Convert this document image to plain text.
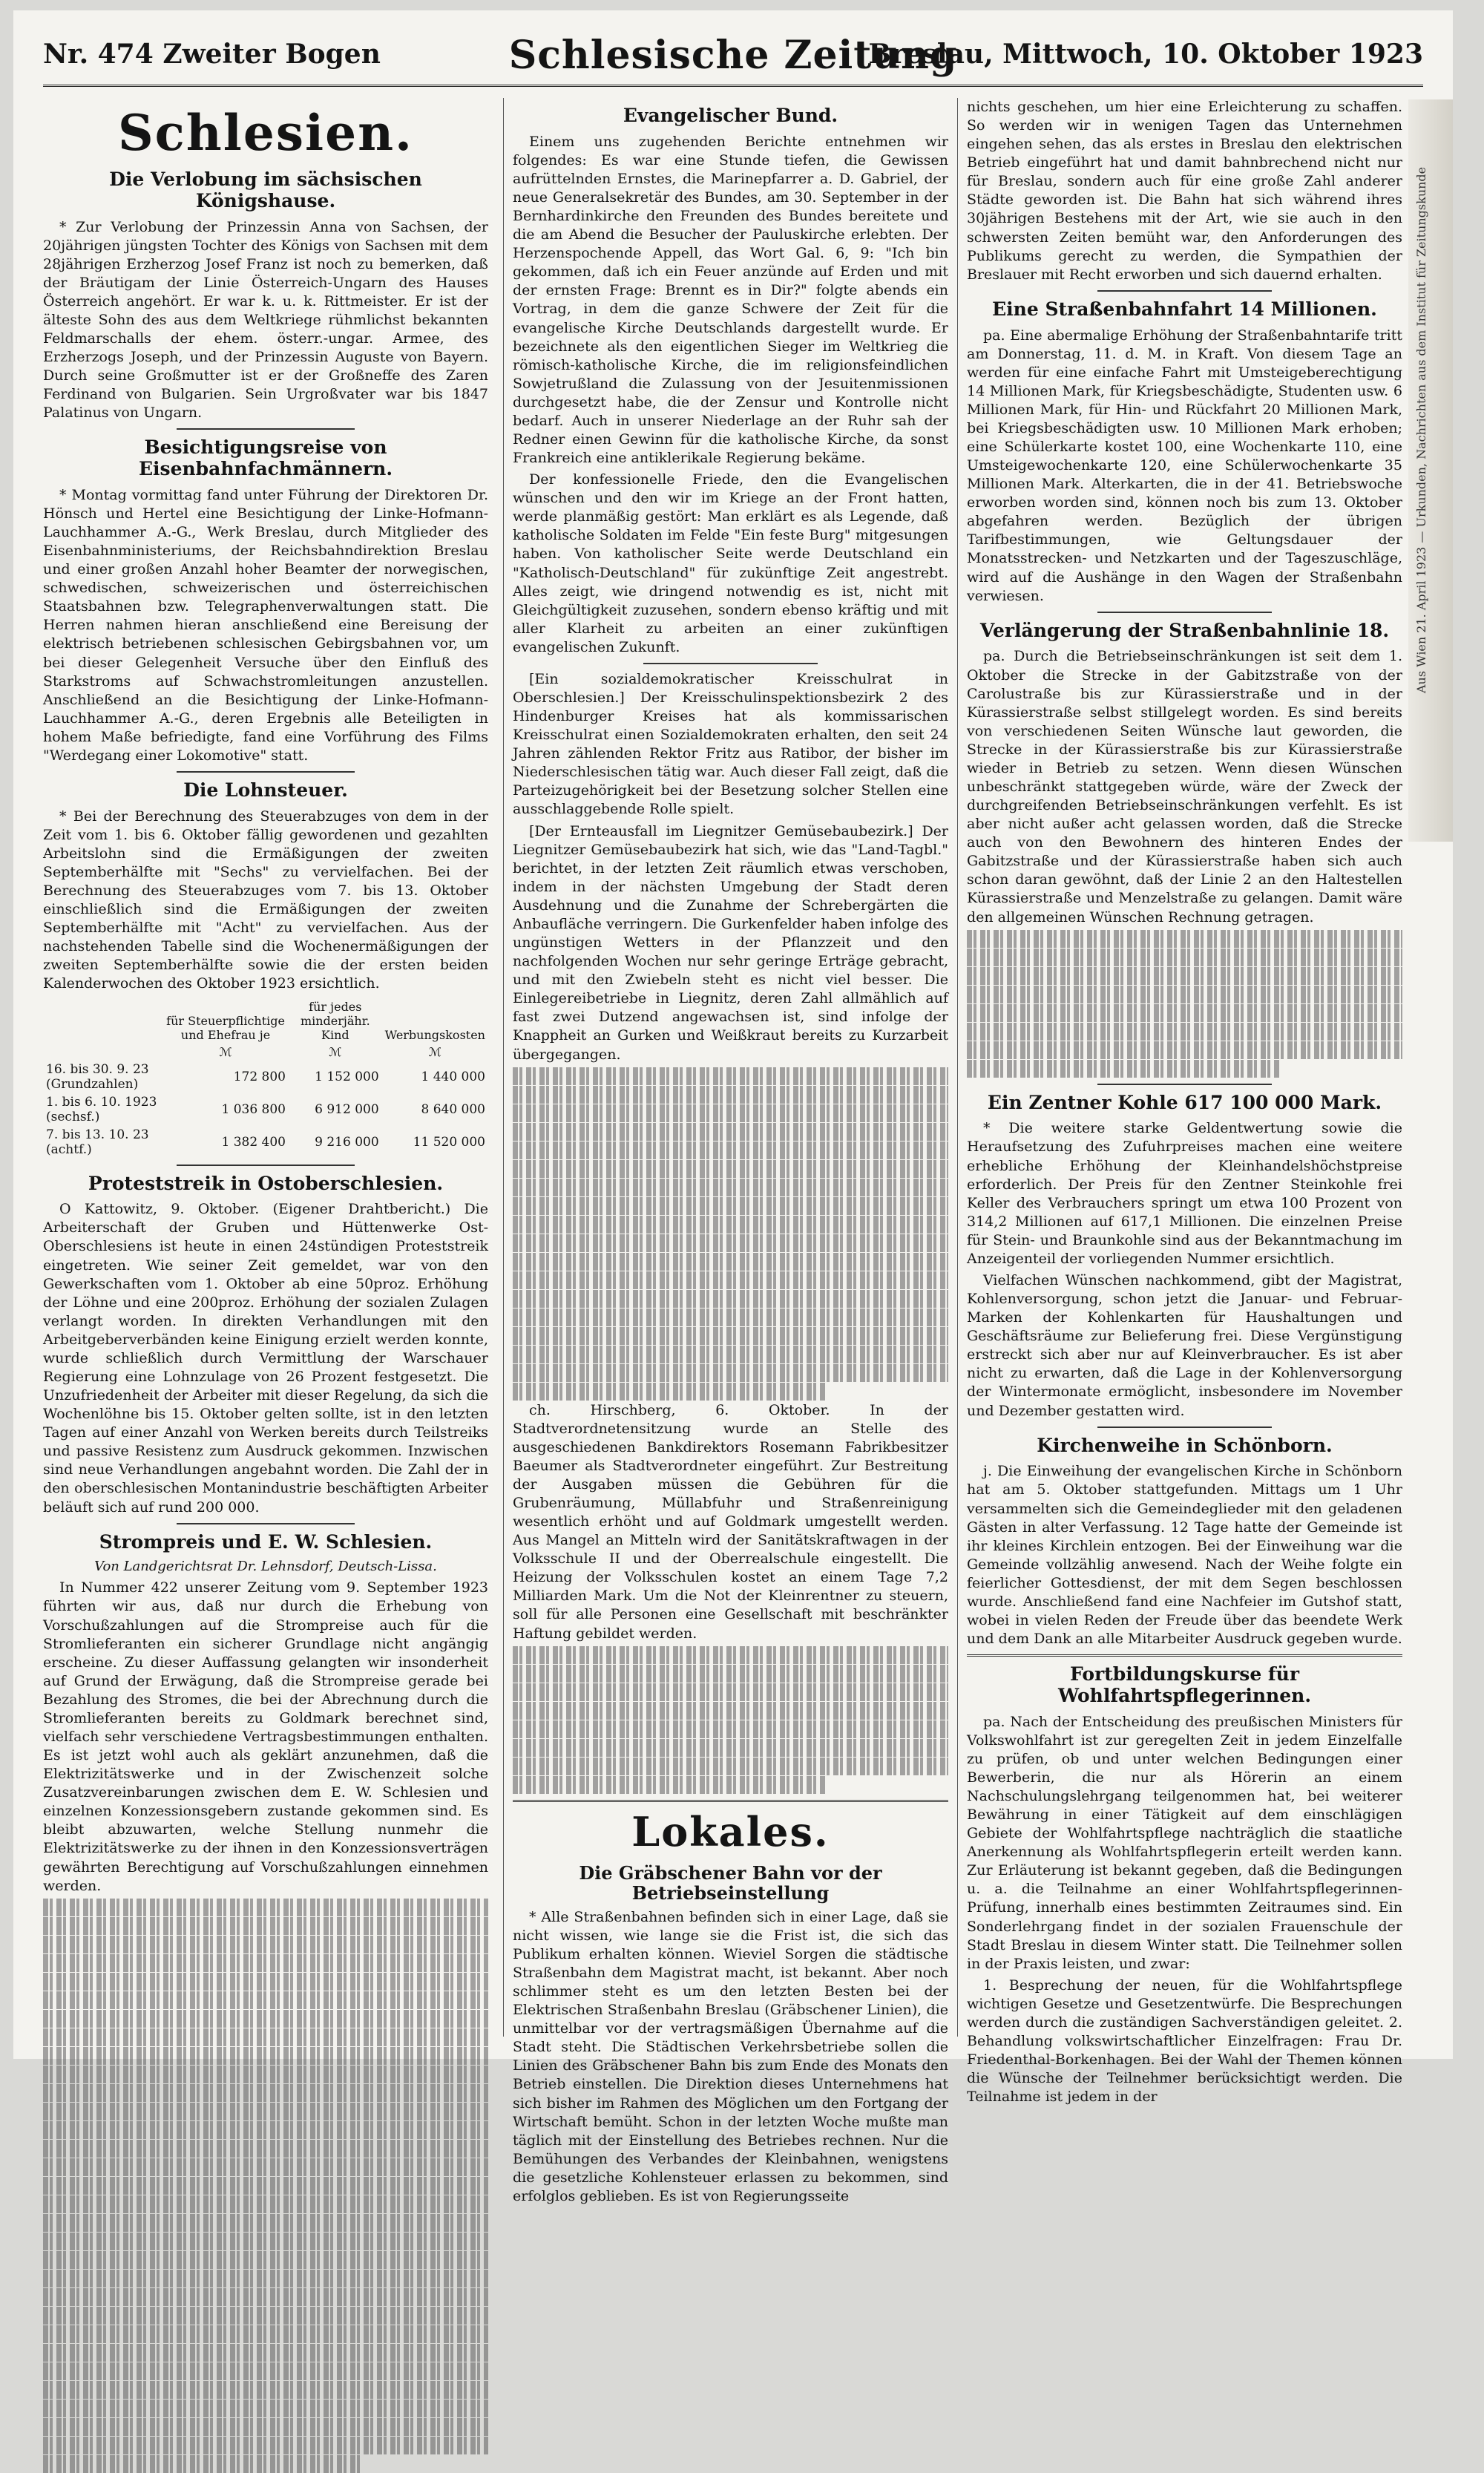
Nr. 474 Zweiter Bogen	Schlesische Zeitung
Breslau, Mittwoch, 10. Oktober 1923
Schlesien.
Die Verlobung im sächsischen Königshause.

* Zur Verlobung der Prinzessin Anna von Sachsen, der 20jährigen jüngsten Tochter des Königs von Sachsen mit dem 28jährigen Erzherzog Josef Franz ist noch zu bemerken, daß der Bräutigam der Linie Österreich-Ungarn des Hauses Österreich angehört. Er war k. u. k. Rittmeister. Er ist der älteste Sohn des aus dem Weltkriege rühmlichst bekannten Feldmarschalls der ehem. österr.-ungar. Armee, des Erzherzogs Joseph, und der Prinzessin Auguste von Bayern. Durch seine Großmutter ist er der Großneffe des Zaren Ferdinand von Bulgarien. Sein Urgroßvater war bis 1847 Palatinus von Ungarn.

Besichtigungsreise von Eisenbahnfachmännern.

* Montag vormittag fand unter Führung der Direktoren Dr. Hönsch und Hertel eine Besichtigung der Linke-Hofmann-Lauchhammer A.-G., Werk Breslau, durch Mitglieder des Eisenbahnministeriums, der Reichsbahndirektion Breslau und einer großen Anzahl hoher Beamter der norwegischen, schwedischen, schweizerischen und österreichischen Staatsbahnen bzw. Telegraphenverwaltungen statt. Die Herren nahmen hieran anschließend eine Bereisung der elektrisch betriebenen schlesischen Gebirgsbahnen vor, um bei dieser Gelegenheit Versuche über den Einfluß des Starkstroms auf Schwachstromleitungen anzustellen. Anschließend an die Besichtigung der Linke-Hofmann-Lauchhammer A.-G., deren Ergebnis alle Beteiligten in hohem Maße befriedigte, fand eine Vorführung des Films "Werdegang einer Lokomotive" statt.

Die Lohnsteuer.

* Bei der Berechnung des Steuerabzuges von dem in der Zeit vom 1. bis 6. Oktober fällig gewordenen und gezahlten Arbeitslohn sind die Ermäßigungen der zweiten Septemberhälfte mit "Sechs" zu vervielfachen. Bei der Berechnung des Steuerabzuges vom 7. bis 13. Oktober einschließlich sind die Ermäßigungen der zweiten Septemberhälfte mit "Acht" zu vervielfachen. Aus der nachstehenden Tabelle sind die Wochenermäßigungen der zweiten Septemberhälfte sowie die der ersten beiden Kalenderwochen des Oktober 1923 ersichtlich.

	für Steuerpflichtige und Ehefrau je	für jedes minderjähr. Kind	Werbungskosten
	ℳ	ℳ	ℳ
16. bis 30. 9. 23 (Grundzahlen)	172 800	1 152 000	1 440 000
1. bis 6. 10. 1923 (sechsf.)	1 036 800	6 912 000	8 640 000
7. bis 13. 10. 23 (achtf.)	1 382 400	9 216 000	11 520 000
Proteststreik in Ostoberschlesien.

O Kattowitz, 9. Oktober. (Eigener Drahtbericht.) Die Arbeiterschaft der Gruben und Hüttenwerke Ost-Oberschlesiens ist heute in einen 24stündigen Proteststreik eingetreten. Wie seiner Zeit gemeldet, war von den Gewerkschaften vom 1. Oktober ab eine 50proz. Erhöhung der Löhne und eine 200proz. Erhöhung der sozialen Zulagen verlangt worden. In direkten Verhandlungen mit den Arbeitgeberverbänden keine Einigung erzielt werden konnte, wurde schließlich durch Vermittlung der Warschauer Regierung eine Lohnzulage von 26 Prozent festgesetzt. Die Unzufriedenheit der Arbeiter mit dieser Regelung, da sich die Wochenlöhne bis 15. Oktober gelten sollte, ist in den letzten Tagen auf einer Anzahl von Werken bereits durch Teilstreiks und passive Resistenz zum Ausdruck gekommen. Inzwischen sind neue Verhandlungen angebahnt worden. Die Zahl der in den oberschlesischen Montanindustrie beschäftigten Arbeiter beläuft sich auf rund 200 000.

Strompreis und E. W. Schlesien.
Von Landgerichtsrat Dr. Lehnsdorf, Deutsch-Lissa.

In Nummer 422 unserer Zeitung vom 9. September 1923 führten wir aus, daß nur durch die Erhebung von Vorschußzahlungen auf die Strompreise auch für die Stromlieferanten ein sicherer Grundlage nicht angängig erscheine. Zu dieser Auffassung gelangten wir insonderheit auf Grund der Erwägung, daß die Strompreise gerade bei Bezahlung des Stromes, die bei der Abrechnung durch die Stromlieferanten bereits zu Goldmark berechnet sind, vielfach sehr verschiedene Vertragsbestimmungen enthalten. Es ist jetzt wohl auch als geklärt anzunehmen, daß die Elektrizitätswerke und in der Zwischenzeit solche Zusatzvereinbarungen zwischen dem E. W. Schlesien und einzelnen Konzessionsgebern zustande gekommen sind. Es bleibt abzuwarten, welche Stellung nunmehr die Elektrizitätswerke zu der ihnen in den Konzessionsverträgen gewährten Berechtigung auf Vorschußzahlungen einnehmen werden.

Evangelischer Bund.

Einem uns zugehenden Berichte entnehmen wir folgendes: Es war eine Stunde tiefen, die Gewissen aufrüttelnden Ernstes, die Marinepfarrer a. D. Gabriel, der neue Generalsekretär des Bundes, am 30. September in der Bernhardinkirche den Freunden des Bundes bereitete und die am Abend die Besucher der Pauluskirche erlebten. Der Herzenspochende Appell, das Wort Gal. 6, 9: "Ich bin gekommen, daß ich ein Feuer anzünde auf Erden und mit der ernsten Frage: Brennt es in Dir?" folgte abends ein Vortrag, in dem die ganze Schwere der Zeit für die evangelische Kirche Deutschlands dargestellt wurde. Er bezeichnete als den eigentlichen Sieger im Weltkrieg die römisch-katholische Kirche, die im religionsfeindlichen Sowjetrußland die Zulassung von der Jesuitenmissionen durchgesetzt habe, die der Zensur und Kontrolle nicht bedarf. Auch in unserer Niederlage an der Ruhr sah der Redner einen Gewinn für die katholische Kirche, da sonst Frankreich eine antiklerikale Regierung bekäme.

Der konfessionelle Friede, den die Evangelischen wünschen und den wir im Kriege an der Front hatten, werde planmäßig gestört: Man erklärt es als Legende, daß katholische Soldaten im Felde "Ein feste Burg" mitgesungen haben. Von katholischer Seite werde Deutschland ein "Katholisch-Deutschland" für zukünftige Zeit angestrebt. Alles zeigt, wie dringend notwendig es ist, nicht mit Gleichgültigkeit zuzusehen, sondern ebenso kräftig und mit aller Klarheit zu arbeiten an einer zukünftigen evangelischen Zukunft.

[Ein sozialdemokratischer Kreisschulrat in Oberschlesien.] Der Kreisschulinspektionsbezirk 2 des Hindenburger Kreises hat als kommissarischen Kreisschulrat einen Sozialdemokraten erhalten, den seit 24 Jahren zählenden Rektor Fritz aus Ratibor, der bisher im Niederschlesischen tätig war. Auch dieser Fall zeigt, daß die Parteizugehörigkeit bei der Besetzung solcher Stellen eine ausschlaggebende Rolle spielt.

[Der Ernteausfall im Liegnitzer Gemüsebaubezirk.] Der Liegnitzer Gemüsebaubezirk hat sich, wie das "Land-Tagbl." berichtet, in der letzten Zeit räumlich etwas verschoben, indem in der nächsten Umgebung der Stadt deren Ausdehnung und die Zunahme der Schrebergärten die Anbaufläche verringern. Die Gurkenfelder haben infolge des ungünstigen Wetters in der Pflanzzeit und den nachfolgenden Wochen nur sehr geringe Erträge gebracht, und mit den Zwiebeln steht es nicht viel besser. Die Einlegereibetriebe in Liegnitz, deren Zahl allmählich auf fast zwei Dutzend angewachsen ist, sind infolge der Knappheit an Gurken und Weißkraut bereits zu Kurzarbeit übergegangen.

ch. Hirschberg, 6. Oktober. In der Stadtverordnetensitzung wurde an Stelle des ausgeschiedenen Bankdirektors Rosemann Fabrikbesitzer Baeumer als Stadtverordneter eingeführt. Zur Bestreitung der Ausgaben müssen die Gebühren für die Grubenräumung, Müllabfuhr und Straßenreinigung wesentlich erhöht und auf Goldmark umgestellt werden. Aus Mangel an Mitteln wird der Sanitätskraftwagen in der Volksschule II und der Oberrealschule eingestellt. Die Heizung der Volksschulen kostet an einem Tage 7,2 Milliarden Mark. Um die Not der Kleinrentner zu steuern, soll für alle Personen eine Gesellschaft mit beschränkter Haftung gebildet werden.

Lokales.
Die Gräbschener Bahn vor der Betriebseinstellung

* Alle Straßenbahnen befinden sich in einer Lage, daß sie nicht wissen, wie lange sie die Frist ist, die sich das Publikum erhalten können. Wieviel Sorgen die städtische Straßenbahn dem Magistrat macht, ist bekannt. Aber noch schlimmer steht es um den letzten Besten bei der Elektrischen Straßenbahn Breslau (Gräbschener Linien), die unmittelbar vor der vertragsmäßigen Übernahme auf die Stadt steht. Die Städtischen Verkehrsbetriebe sollen die Linien des Gräbschener Bahn bis zum Ende des Monats den Betrieb einstellen. Die Direktion dieses Unternehmens hat sich bisher im Rahmen des Möglichen um den Fortgang der Wirtschaft bemüht. Schon in der letzten Woche mußte man täglich mit der Einstellung des Betriebes rechnen. Nur die Bemühungen des Verbandes der Kleinbahnen, wenigstens die gesetzliche Kohlensteuer erlassen zu bekommen, sind erfolglos geblieben. Es ist von Regierungsseite

nichts geschehen, um hier eine Erleichterung zu schaffen. So werden wir in wenigen Tagen das Unternehmen eingehen sehen, das als erstes in Breslau den elektrischen Betrieb eingeführt hat und damit bahnbrechend nicht nur für Breslau, sondern auch für eine große Zahl anderer Städte geworden ist. Die Bahn hat sich während ihres 30jährigen Bestehens mit der Art, wie sie auch in den schwersten Zeiten bemüht war, den Anforderungen des Publikums gerecht zu werden, die Sympathien der Breslauer mit Recht erworben und sich dauernd erhalten.

Eine Straßenbahnfahrt 14 Millionen.

pa. Eine abermalige Erhöhung der Straßenbahntarife tritt am Donnerstag, 11. d. M. in Kraft. Von diesem Tage an werden für eine einfache Fahrt mit Umsteigeberechtigung 14 Millionen Mark, für Kriegsbeschädigte, Studenten usw. 6 Millionen Mark, für Hin- und Rückfahrt 20 Millionen Mark, bei Kriegsbeschädigten usw. 10 Millionen Mark erhoben; eine Schülerkarte kostet 100, eine Wochenkarte 110, eine Umsteigewochenkarte 120, eine Schülerwochenkarte 35 Millionen Mark. Alterkarten, die in der 41. Betriebswoche erworben worden sind, können noch bis zum 13. Oktober abgefahren werden. Bezüglich der übrigen Tarifbestimmungen, wie Geltungsdauer der Monatsstrecken- und Netzkarten und der Tageszuschläge, wird auf die Aushänge in den Wagen der Straßenbahn verwiesen.

Verlängerung der Straßenbahnlinie 18.

pa. Durch die Betriebseinschränkungen ist seit dem 1. Oktober die Strecke in der Gabitzstraße von der Carolustraße bis zur Kürassierstraße und in der Kürassierstraße selbst stillgelegt worden. Es sind bereits von verschiedenen Seiten Wünsche laut geworden, die Strecke in der Kürassierstraße bis zur Kürassierstraße wieder in Betrieb zu setzen. Wenn diesen Wünschen unbeschränkt stattgegeben würde, wäre der Zweck der durchgreifenden Betriebseinschränkungen verfehlt. Es ist aber nicht außer acht gelassen worden, daß die Strecke auch von den Bewohnern des hinteren Endes der Gabitzstraße und der Kürassierstraße haben sich auch schon daran gewöhnt, daß der Linie 2 an den Haltestellen Kürassierstraße und Menzelstraße zu gelangen. Damit wäre den allgemeinen Wünschen Rechnung getragen.

Ein Zentner Kohle 617 100 000 Mark.

* Die weitere starke Geldentwertung sowie die Heraufsetzung des Zufuhrpreises machen eine weitere erhebliche Erhöhung der Kleinhandelshöchstpreise erforderlich. Der Preis für den Zentner Steinkohle frei Keller des Verbrauchers springt um etwa 100 Prozent von 314,2 Millionen auf 617,1 Millionen. Die einzelnen Preise für Stein- und Braunkohle sind aus der Bekanntmachung im Anzeigenteil der vorliegenden Nummer ersichtlich.

Vielfachen Wünschen nachkommend, gibt der Magistrat, Kohlenversorgung, schon jetzt die Januar- und Februar-Marken der Kohlenkarten für Haushaltungen und Geschäftsräume zur Belieferung frei. Diese Vergünstigung erstreckt sich aber nur auf Kleinverbraucher. Es ist aber nicht zu erwarten, daß die Lage in der Kohlenversorgung der Wintermonate ermöglicht, insbesondere im November und Dezember gestatten wird.

Kirchenweihe in Schönborn.

j. Die Einweihung der evangelischen Kirche in Schönborn hat am 5. Oktober stattgefunden. Mittags um 1 Uhr versammelten sich die Gemeindeglieder mit den geladenen Gästen in alter Verfassung. 12 Tage hatte der Gemeinde ist ihr kleines Kirchlein entzogen. Bei der Einweihung war die Gemeinde vollzählig anwesend. Nach der Weihe folgte ein feierlicher Gottesdienst, der mit dem Segen beschlossen wurde. Anschließend fand eine Nachfeier im Gutshof statt, wobei in vielen Reden der Freude über das beendete Werk und dem Dank an alle Mitarbeiter Ausdruck gegeben wurde.

Fortbildungskurse für Wohlfahrtspflegerinnen.

pa. Nach der Entscheidung des preußischen Ministers für Volkswohlfahrt ist zur geregelten Zeit in jedem Einzelfalle zu prüfen, ob und unter welchen Bedingungen einer Bewerberin, die nur als Hörerin an einem Nachschulungslehrgang teilgenommen hat, bei weiterer Bewährung in einer Tätigkeit auf dem einschlägigen Gebiete der Wohlfahrtspflege nachträglich die staatliche Anerkennung als Wohlfahrtspflegerin erteilt werden kann. Zur Erläuterung ist bekannt gegeben, daß die Bedingungen u. a. die Teilnahme an einer Wohlfahrtspflegerinnen-Prüfung, innerhalb eines bestimmten Zeitraumes sind. Ein Sonderlehrgang findet in der sozialen Frauenschule der Stadt Breslau in diesem Winter statt. Die Teilnehmer sollen in der Praxis leisten, und zwar:

1. Besprechung der neuen, für die Wohlfahrtspflege wichtigen Gesetze und Gesetzentwürfe. Die Besprechungen werden durch die zuständigen Sachverständigen geleitet. 2. Behandlung volkswirtschaftlicher Einzelfragen: Frau Dr. Friedenthal-Borkenhagen. Bei der Wahl der Themen können die Wünsche der Teilnehmer berücksichtigt werden. Die Teilnahme ist jedem in der

Aus Wien 21. April 1923 — Urkunden, Nachrichten aus dem Institut für Zeitungskunde
